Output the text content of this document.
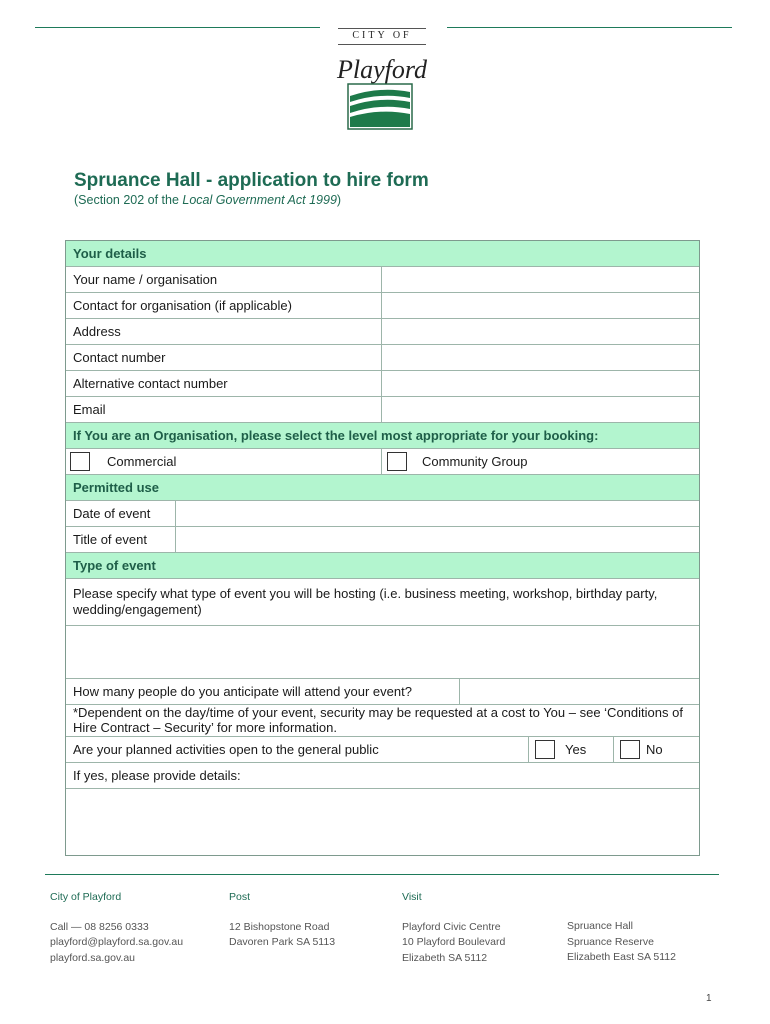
CITY OF
Playford
Spruance Hall - application to hire form
(Section 202 of the Local Government Act 1999)
Your details
Your name / organisation
Contact for organisation (if applicable)
Address
Contact number
Alternative contact number
Email
If You are an Organisation, please select the level most appropriate for your booking:
Commercial	Community Group
Permitted use
Date of event
Title of event
Type of event
Please specify what type of event you will be hosting (i.e. business meeting, workshop, birthday party, wedding/engagement)
How many people do you anticipate will attend your event?
*Dependent on the day/time of your event, security may be requested at a cost to You – see ‘Conditions of Hire Contract – Security’ for more information.
Are your planned activities open to the general public	Yes	No
If yes, please provide details:
City of Playford
Call — 08 8256 0333
playford@playford.sa.gov.au
playford.sa.gov.au
Post
12 Bishopstone Road
Davoren Park SA 5113
Visit
Playford Civic Centre
10 Playford Boulevard
Elizabeth SA 5112
Spruance Hall
Spruance Reserve
Elizabeth East SA 5112
1
